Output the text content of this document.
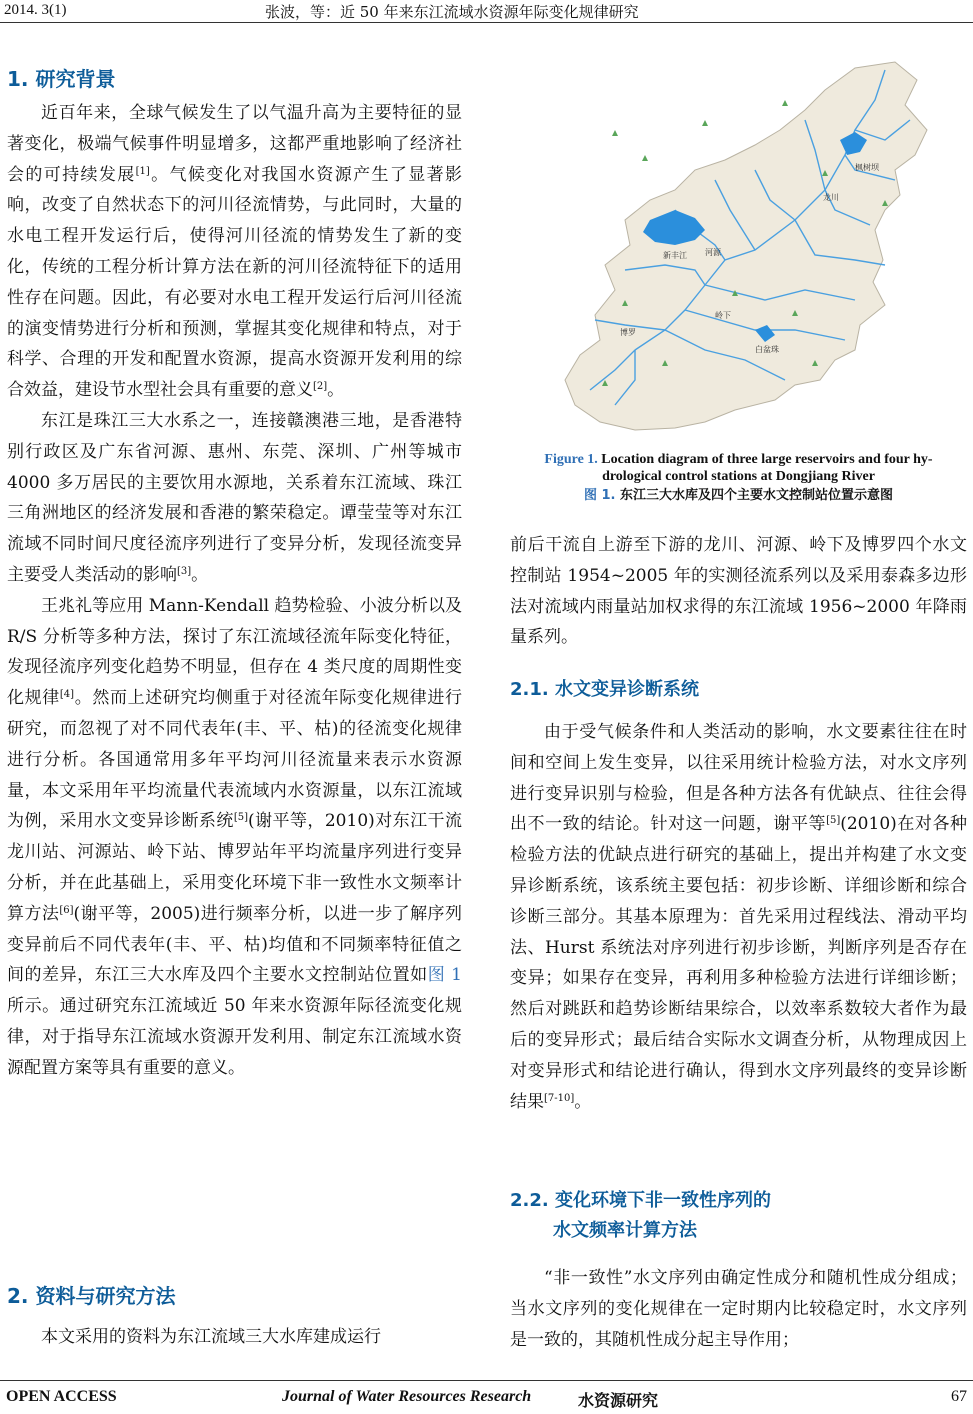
2014. 3(1)	张波，等：近 50 年来东江流域水资源年际变化规律研究
1. 研究背景

近百年来，全球气候发生了以气温升高为主要特征的显著变化，极端气候事件明显增多，这都严重地影响了经济社会的可持续发展[1]。气候变化对我国水资源产生了显著影响，改变了自然状态下的河川径流情势，与此同时，大量的水电工程开发运行后，使得河川径流的情势发生了新的变化，传统的工程分析计算方法在新的河川径流特征下的适用性存在问题。因此，有必要对水电工程开发运行后河川径流的演变情势进行分析和预测，掌握其变化规律和特点，对于科学、合理的开发和配置水资源，提高水资源开发利用的综合效益，建设节水型社会具有重要的意义[2]。

东江是珠江三大水系之一，连接赣澳港三地，是香港特别行政区及广东省河源、惠州、东莞、深圳、广州等城市 4000 多万居民的主要饮用水源地，关系着东江流域、珠江三角洲地区的经济发展和香港的繁荣稳定。谭莹莹等对东江流域不同时间尺度径流序列进行了变异分析，发现径流变异主要受人类活动的影响[3]。

王兆礼等应用 Mann-Kendall 趋势检验、小波分析以及 R/S 分析等多种方法，探讨了东江流域径流年际变化特征，发现径流序列变化趋势不明显，但存在 4 类尺度的周期性变化规律[4]。然而上述研究均侧重于对径流年际变化规律进行研究，而忽视了对不同代表年(丰、平、枯)的径流变化规律进行分析。各国通常用多年平均河川径流量来表示水资源量，本文采用年平均流量代表流域内水资源量，以东江流域为例，采用水文变异诊断系统[5](谢平等，2010)对东江干流龙川站、河源站、岭下站、博罗站年平均流量序列进行变异分析，并在此基础上，采用变化环境下非一致性水文频率计算方法[6](谢平等，2005)进行频率分析，以进一步了解序列变异前后不同代表年(丰、平、枯)均值和不同频率特征值之间的差异，东江三大水库及四个主要水文控制站位置如图 1 所示。通过研究东江流域近 50 年来水资源年际径流变化规律，对于指导东江流域水资源开发利用、制定东江流域水资源配置方案等具有重要的意义。

2. 资料与研究方法

本文采用的资料为东江流域三大水库建成运行

枫树坝
龙川
新丰江 河源
岭下
博罗
白盆珠
Figure 1. Location diagram of three large reservoirs and four hy-
drological control stations at Dongjiang River
图 1. 东江三大水库及四个主要水文控制站位置示意图

前后干流自上游至下游的龙川、河源、岭下及博罗四个水文控制站 1954~2005 年的实测径流系列以及采用泰森多边形法对流域内雨量站加权求得的东江流域 1956~2000 年降雨量系列。

2.1. 水文变异诊断系统

由于受气候条件和人类活动的影响，水文要素往往在时间和空间上发生变异，以往采用统计检验方法，对水文序列进行变异识别与检验，但是各种方法各有优缺点、往往会得出不一致的结论。针对这一问题，谢平等[5](2010)在对各种检验方法的优缺点进行研究的基础上，提出并构建了水文变异诊断系统，该系统主要包括：初步诊断、详细诊断和综合诊断三部分。其基本原理为：首先采用过程线法、滑动平均法、Hurst 系统法对序列进行初步诊断，判断序列是否存在变异；如果存在变异，再利用多种检验方法进行详细诊断；然后对跳跃和趋势诊断结果综合，以效率系数较大者作为最后的变异形式；最后结合实际水文调查分析，从物理成因上对变异形式和结论进行确认，得到水文序列最终的变异诊断结果[7-10]。

2.2. 变化环境下非一致性序列的
水文频率计算方法

“非一致性”水文序列由确定性成分和随机性成分组成；当水文序列的变化规律在一定时期内比较稳定时，水文序列是一致的，其随机性成分起主导作用；

OPEN ACCESS	Journal of Water Resources Research	水资源研究	67
